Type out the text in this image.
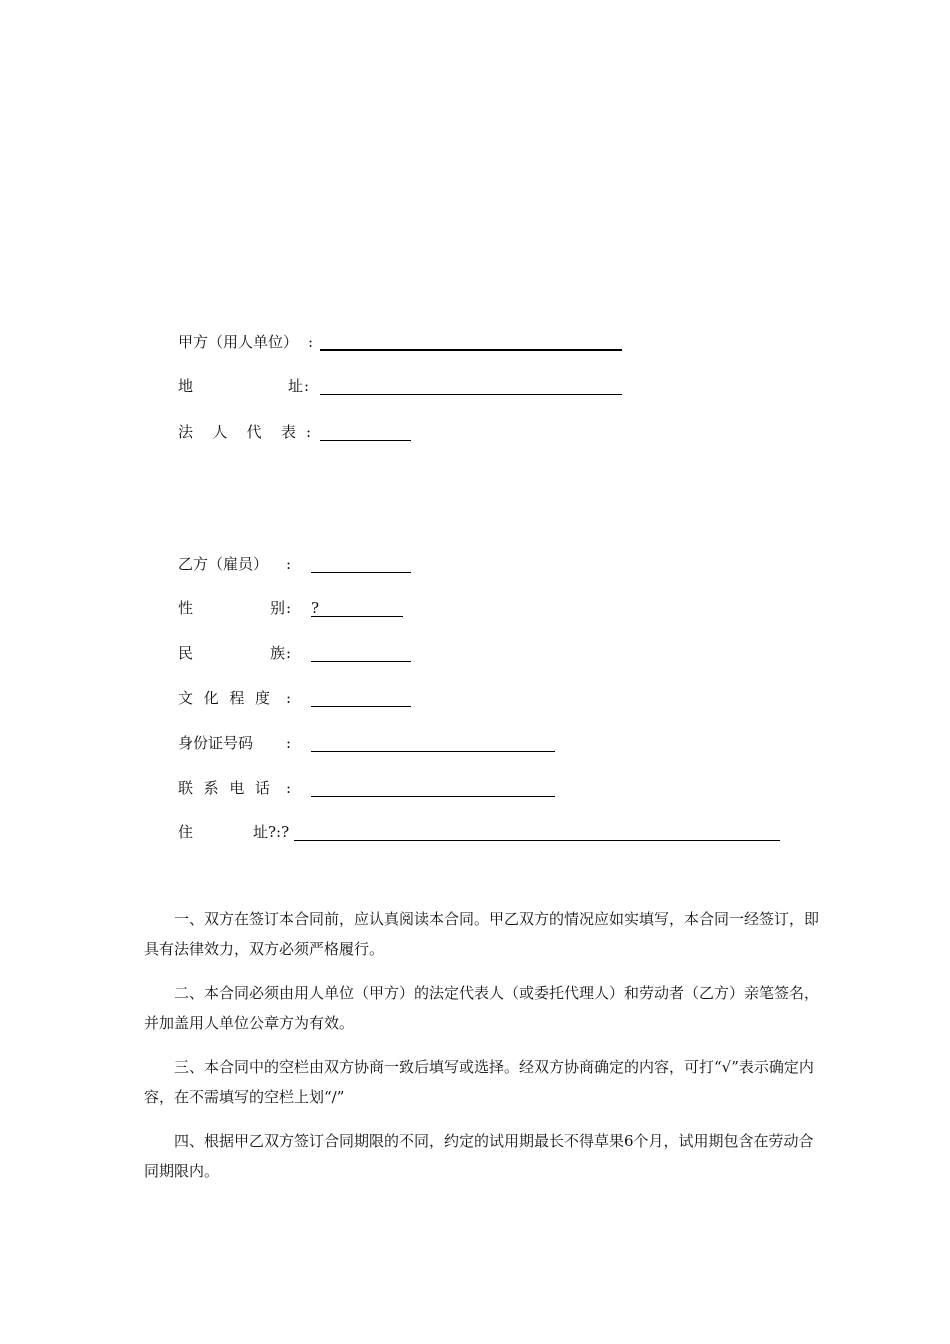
甲方（用人单位） :
地	址 :
法 人 代 表 :
乙方（雇员） :
性	别 : ?
民	族 :
文 化 程 度 :
身份证号码 :
联 系 电 话 :
住	址 ?:?

一、双方在签订本合同前，应认真阅读本合同。甲乙双方的情况应如实填写，本合同一经签订，即具有法律效力，双方必须严格履行。

二、本合同必须由用人单位（甲方）的法定代表人（或委托代理人）和劳动者（乙方）亲笔签名，并加盖用人单位公章方为有效。

三、本合同中的空栏由双方协商一致后填写或选择。经双方协商确定的内容，可打“√”表示确定内容，在不需填写的空栏上划“/”

四、根据甲乙双方签订合同期限的不同，约定的试用期最长不得草果6个月，试用期包含在劳动合同期限内。
